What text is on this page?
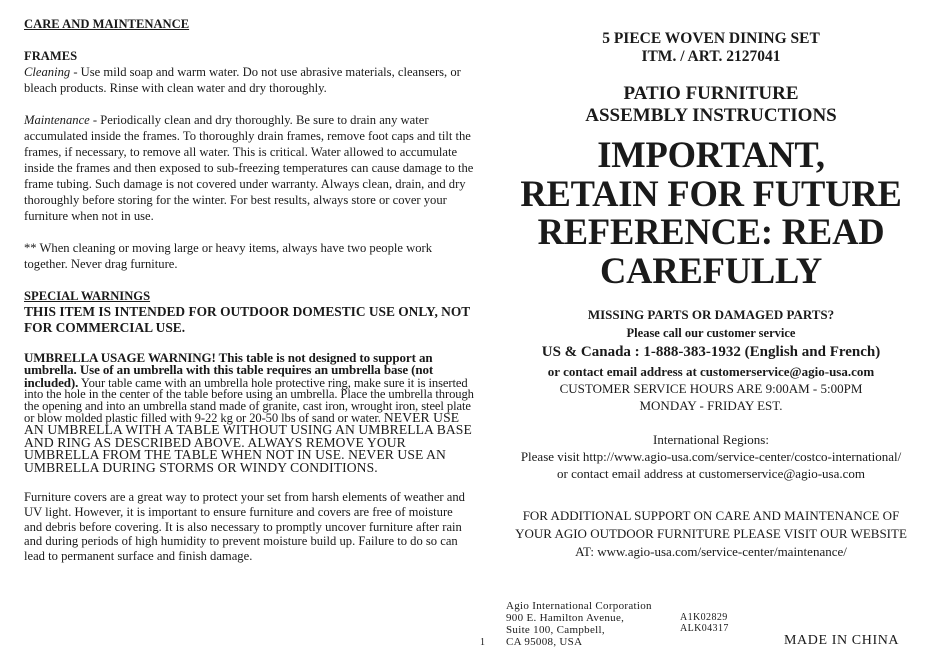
CARE AND MAINTENANCE

FRAMES

Cleaning - Use mild soap and warm water. Do not use abrasive materials, cleansers, or bleach products. Rinse with clean water and dry thoroughly.

Maintenance - Periodically clean and dry thoroughly. Be sure to drain any water accumulated inside the frames. To thoroughly drain frames, remove foot caps and tilt the frames, if necessary, to remove all water. This is critical. Water allowed to accumulate inside the frames and then exposed to sub-freezing temperatures can cause damage to the frame tubing. Such damage is not covered under warranty. Always clean, drain, and dry thoroughly before storing for the winter. For best results, always store or cover your furniture when not in use.

** When cleaning or moving large or heavy items, always have two people work together. Never drag furniture.

SPECIAL WARNINGS

THIS ITEM IS INTENDED FOR OUTDOOR DOMESTIC USE ONLY, NOT FOR COMMERCIAL USE.

UMBRELLA USAGE WARNING! This table is not designed to support an umbrella. Use of an umbrella with this table requires an umbrella base (not included). Your table came with an umbrella hole protective ring, make sure it is inserted into the hole in the center of the table before using an umbrella. Place the umbrella through the opening and into an umbrella stand made of granite, cast iron, wrought iron, steel plate or blow molded plastic filled with 9-22 kg or 20-50 lbs of sand or water. NEVER USE AN UMBRELLA WITH A TABLE WITHOUT USING AN UMBRELLA BASE AND RING AS DESCRIBED ABOVE. ALWAYS REMOVE YOUR UMBRELLA FROM THE TABLE WHEN NOT IN USE. NEVER USE AN UMBRELLA DURING STORMS OR WINDY CONDITIONS.

Furniture covers are a great way to protect your set from harsh elements of weather and UV light. However, it is important to ensure furniture and covers are free of moisture and debris before covering. It is also necessary to promptly uncover furniture after rain and during periods of high humidity to prevent moisture build up. Failure to do so can lead to permanent surface and finish damage.

5 PIECE WOVEN DINING SET

ITM. / ART. 2127041

PATIO FURNITURE

ASSEMBLY INSTRUCTIONS

IMPORTANT,
RETAIN FOR FUTURE
REFERENCE: READ
CAREFULLY

MISSING PARTS OR DAMAGED PARTS?

Please call our customer service

US & Canada : 1-888-383-1932 (English and French)

or contact email address at customerservice@agio-usa.com

CUSTOMER SERVICE HOURS ARE 9:00AM - 5:00PM

MONDAY - FRIDAY EST.

International Regions:

Please visit http://www.agio-usa.com/service-center/costco-international/

or contact email address at customerservice@agio-usa.com

FOR ADDITIONAL SUPPORT ON CARE AND MAINTENANCE OF

YOUR AGIO OUTDOOR FURNITURE PLEASE VISIT OUR WEBSITE

AT: www.agio-usa.com/service-center/maintenance/

1
Agio International Corporation
900 E. Hamilton Avenue,
Suite 100, Campbell,
CA 95008, USA
A1K02829
ALK04317
MADE IN CHINA
